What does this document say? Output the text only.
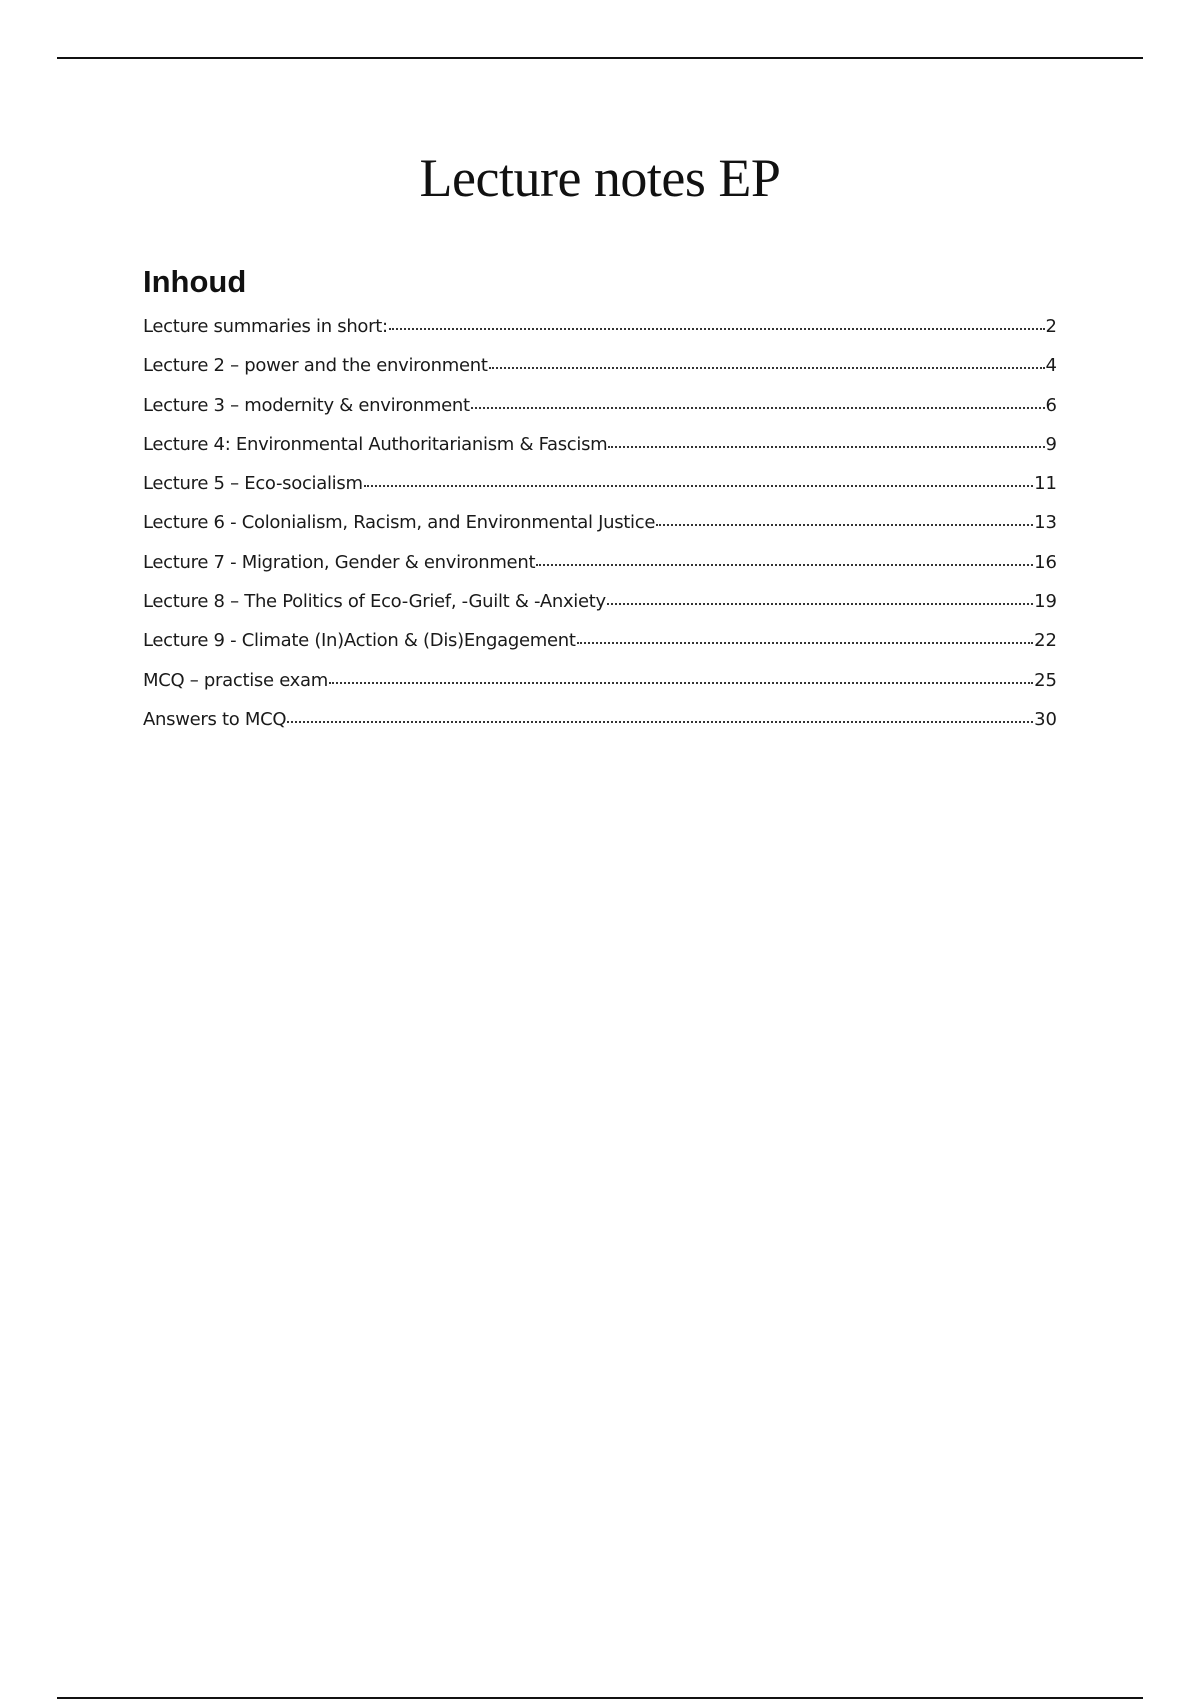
Lecture notes EP
Inhoud
Lecture summaries in short:	2
Lecture 2 – power and the environment	4
Lecture 3 – modernity & environment	6
Lecture 4: Environmental Authoritarianism & Fascism	9
Lecture 5 – Eco-socialism	11
Lecture 6 - Colonialism, Racism, and Environmental Justice	13
Lecture 7 - Migration, Gender & environment	16
Lecture 8 – The Politics of Eco-Grief, -Guilt & -Anxiety	19
Lecture 9 - Climate (In)Action & (Dis)Engagement	22
MCQ – practise exam	25
Answers to MCQ	30
